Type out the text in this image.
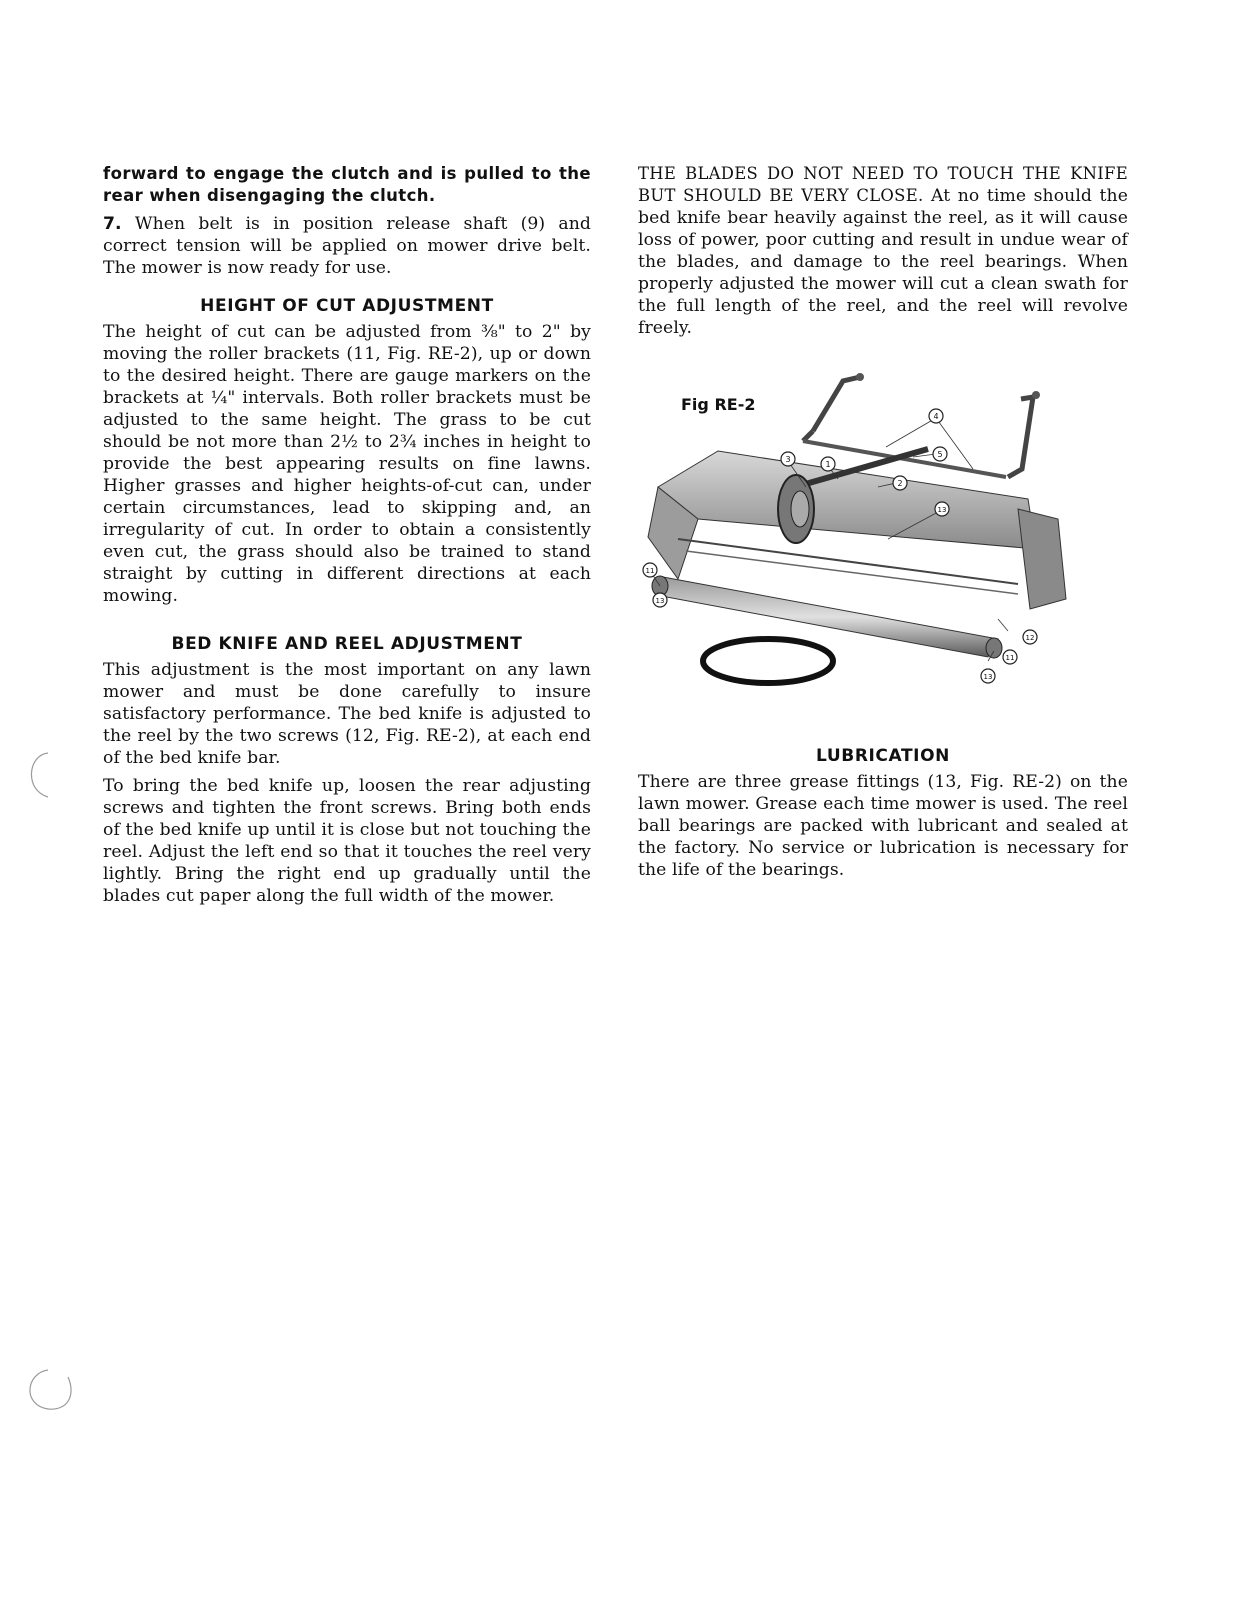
forward to engage the clutch and is pulled to the rear when disengaging the clutch.

7. When belt is in position release shaft (9) and correct tension will be applied on mower drive belt. The mower is now ready for use.

HEIGHT OF CUT ADJUSTMENT

The height of cut can be adjusted from ⅜" to 2" by moving the roller brackets (11, Fig. RE-2), up or down to the desired height. There are gauge markers on the brackets at ¼" intervals. Both roller brackets must be adjusted to the same height. The grass to be cut should be not more than 2½ to 2¾ inches in height to provide the best appearing results on fine lawns. Higher grasses and higher heights-of-cut can, under certain circumstances, lead to skipping and, an irregularity of cut. In order to obtain a consistently even cut, the grass should also be trained to stand straight by cutting in different directions at each mowing.

BED KNIFE AND REEL ADJUSTMENT

This adjustment is the most important on any lawn mower and must be done carefully to insure satisfactory performance. The bed knife is adjusted to the reel by the two screws (12, Fig. RE-2), at each end of the bed knife bar.

To bring the bed knife up, loosen the rear adjusting screws and tighten the front screws. Bring both ends of the bed knife up until it is close but not touching the reel. Adjust the left end so that it touches the reel very lightly. Bring the right end up gradually until the blades cut paper along the full width of the mower.

THE BLADES DO NOT NEED TO TOUCH THE KNIFE BUT SHOULD BE VERY CLOSE. At no time should the bed knife bear heavily against the reel, as it will cause loss of power, poor cutting and result in undue wear of the blades, and damage to the reel bearings. When properly adjusted the mower will cut a clean swath for the full length of the reel, and the reel will revolve freely.

Fig RE-2
3
1
4
5
2
13
11
13
12
11
13
LUBRICATION

There are three grease fittings (13, Fig. RE-2) on the lawn mower. Grease each time mower is used. The reel ball bearings are packed with lubricant and sealed at the factory. No service or lubrication is necessary for the life of the bearings.
